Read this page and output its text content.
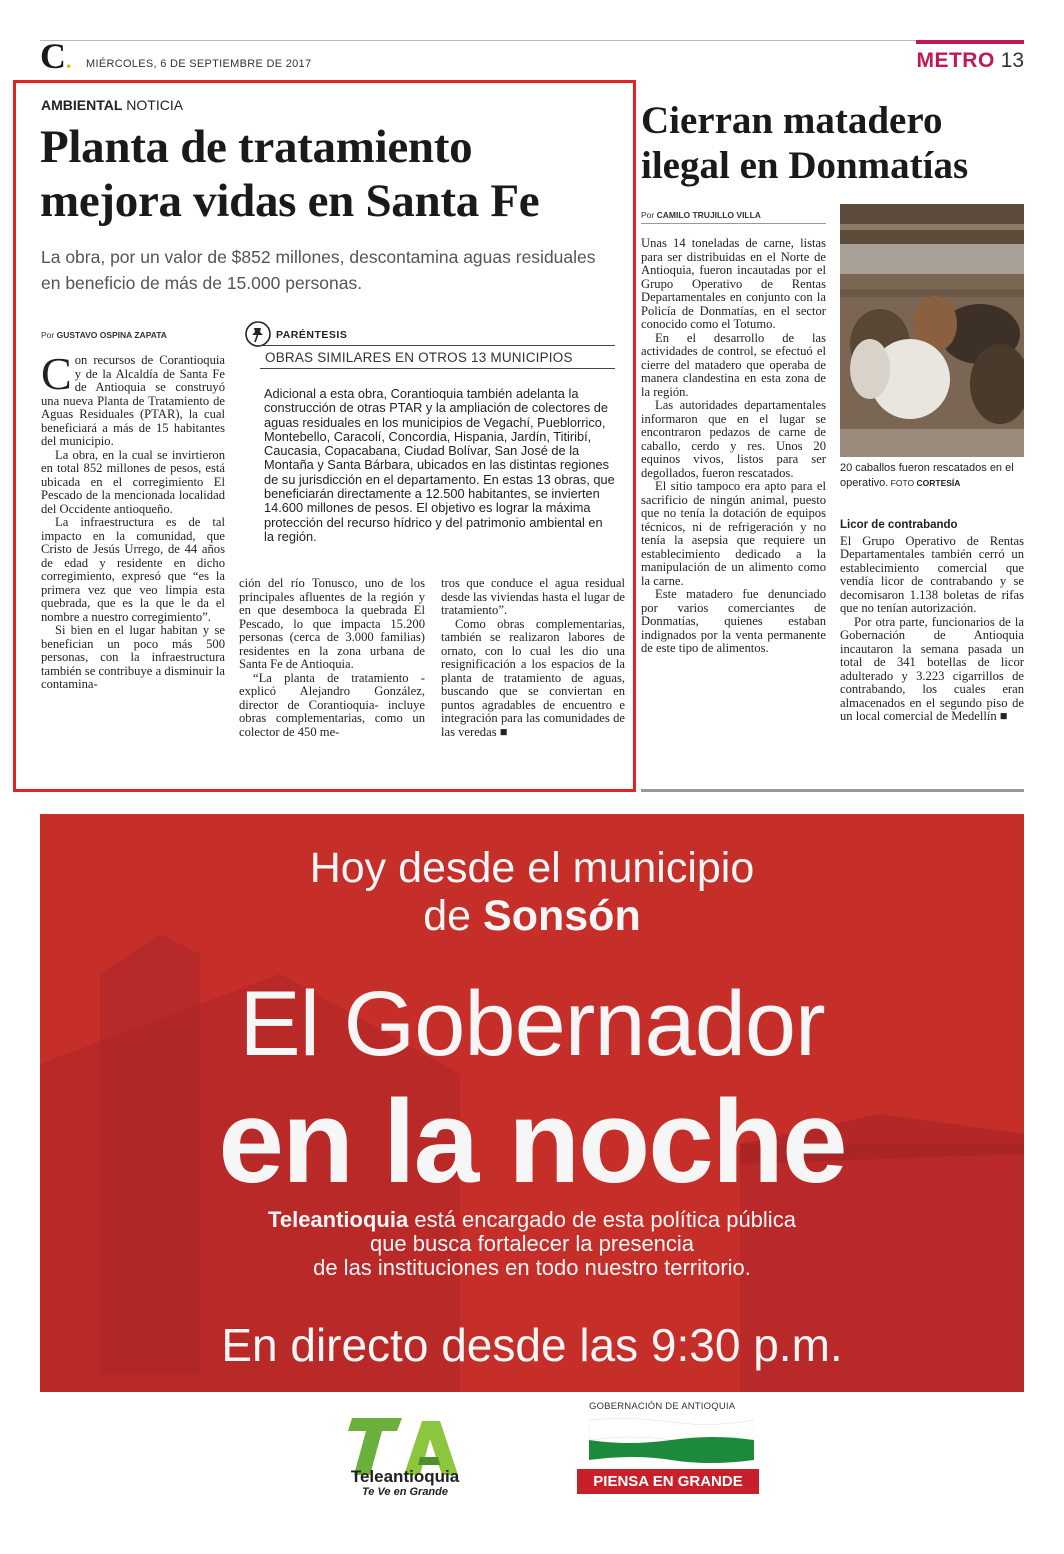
C. MIÉRCOLES, 6 DE SEPTIEMBRE DE 2017	METRO 13
AMBIENTAL NOTICIA
Planta de tratamiento mejora vidas en Santa Fe
La obra, por un valor de $852 millones, descontamina aguas residuales en beneficio de más de 15.000 personas.
Por GUSTAVO OSPINA ZAPATA

Con recursos de Corantioquia y de la Alcaldía de Santa Fe de Antioquia se construyó una nueva Planta de Tratamiento de Aguas Residuales (PTAR), la cual beneficiará a más de 15 habitantes del municipio.

La obra, en la cual se invirtieron en total 852 millones de pesos, está ubicada en el corregimiento El Pescado de la mencionada localidad del Occidente antioqueño.

La infraestructura es de tal impacto en la comunidad, que Cristo de Jesús Urrego, de 44 años de edad y residente en dicho corregimiento, expresó que “es la primera vez que veo limpia esta quebrada, que es la que le da el nombre a nuestro corregimiento”.

Si bien en el lugar habitan y se benefician un poco más 500 personas, con la infraestructura también se contribuye a disminuir la contamina-

ción del río Tonusco, uno de los principales afluentes de la región y en que desemboca la quebrada El Pescado, lo que impacta 15.200 personas (cerca de 3.000 familias) residentes en la zona urbana de Santa Fe de Antioquia.

“La planta de tratamiento -explicó Alejandro González, director de Corantioquia- incluye obras complementarias, como un colector de 450 me-

tros que conduce el agua residual desde las viviendas hasta el lugar de tratamiento”.

Como obras complementarias, también se realizaron labores de ornato, con lo cual les dio una resignificación a los espacios de la planta de tratamiento de aguas, buscando que se conviertan en puntos agradables de encuentro e integración para las comunidades de las veredas ■

PARÉNTESIS
OBRAS SIMILARES EN OTROS 13 MUNICIPIOS
Adicional a esta obra, Corantioquia también adelanta la construcción de otras PTAR y la ampliación de colectores de aguas residuales en los municipios de Vegachí, Pueblorrico, Montebello, Caracolí, Concordia, Hispania, Jardín, Titiribí, Caucasia, Copacabana, Ciudad Bolívar, San José de la Montaña y Santa Bárbara, ubicados en las distintas regiones de su jurisdicción en el departamento. En estas 13 obras, que beneficiarán directamente a 12.500 habitantes, se invierten 14.600 millones de pesos. El objetivo es lograr la máxima protección del recurso hídrico y del patrimonio ambiental en la región.
Cierran matadero ilegal en Donmatías
Por CAMILO TRUJILLO VILLA

Unas 14 toneladas de carne, listas para ser distribuidas en el Norte de Antioquia, fueron incautadas por el Grupo Operativo de Rentas Departamentales en conjunto con la Policía de Donmatías, en el sector conocido como el Totumo.

En el desarrollo de las actividades de control, se efectuó el cierre del matadero que operaba de manera clandestina en esta zona de la región.

Las autoridades departamentales informaron que en el lugar se encontraron pedazos de carne de caballo, cerdo y res. Unos 20 equinos vivos, listos para ser degollados, fueron rescatados.

El sitio tampoco era apto para el sacrificio de ningún animal, puesto que no tenía la dotación de equipos técnicos, ni de refrigeración y no tenía la asepsia que requiere un establecimiento dedicado a la manipulación de un alimento como la carne.

Este matadero fue denunciado por varios comerciantes de Donmatías, quienes estaban indignados por la venta permanente de este tipo de alimentos.

20 caballos fueron rescatados en el operativo. FOTO CORTESÍA
Licor de contrabando

El Grupo Operativo de Rentas Departamentales también cerró un establecimiento comercial que vendía licor de contrabando y se decomisaron 1.138 boletas de rifas que no tenían autorización.

Por otra parte, funcionarios de la Gobernación de Antioquia incautaron la semana pasada un total de 341 botellas de licor adulterado y 3.223 cigarrillos de contrabando, los cuales eran almacenados en el segundo piso de un local comercial de Medellín ■

Hoy desde el municipio
de Sonsón
El Gobernador
en la noche
Teleantioquia está encargado de esta política pública
que busca fortalecer la presencia
de las instituciones en todo nuestro territorio.
En directo desde las 9:30 p.m.
Teleantioquia
Te Ve en Grande
GOBERNACIÓN DE ANTIOQUIA
PIENSA EN GRANDE
